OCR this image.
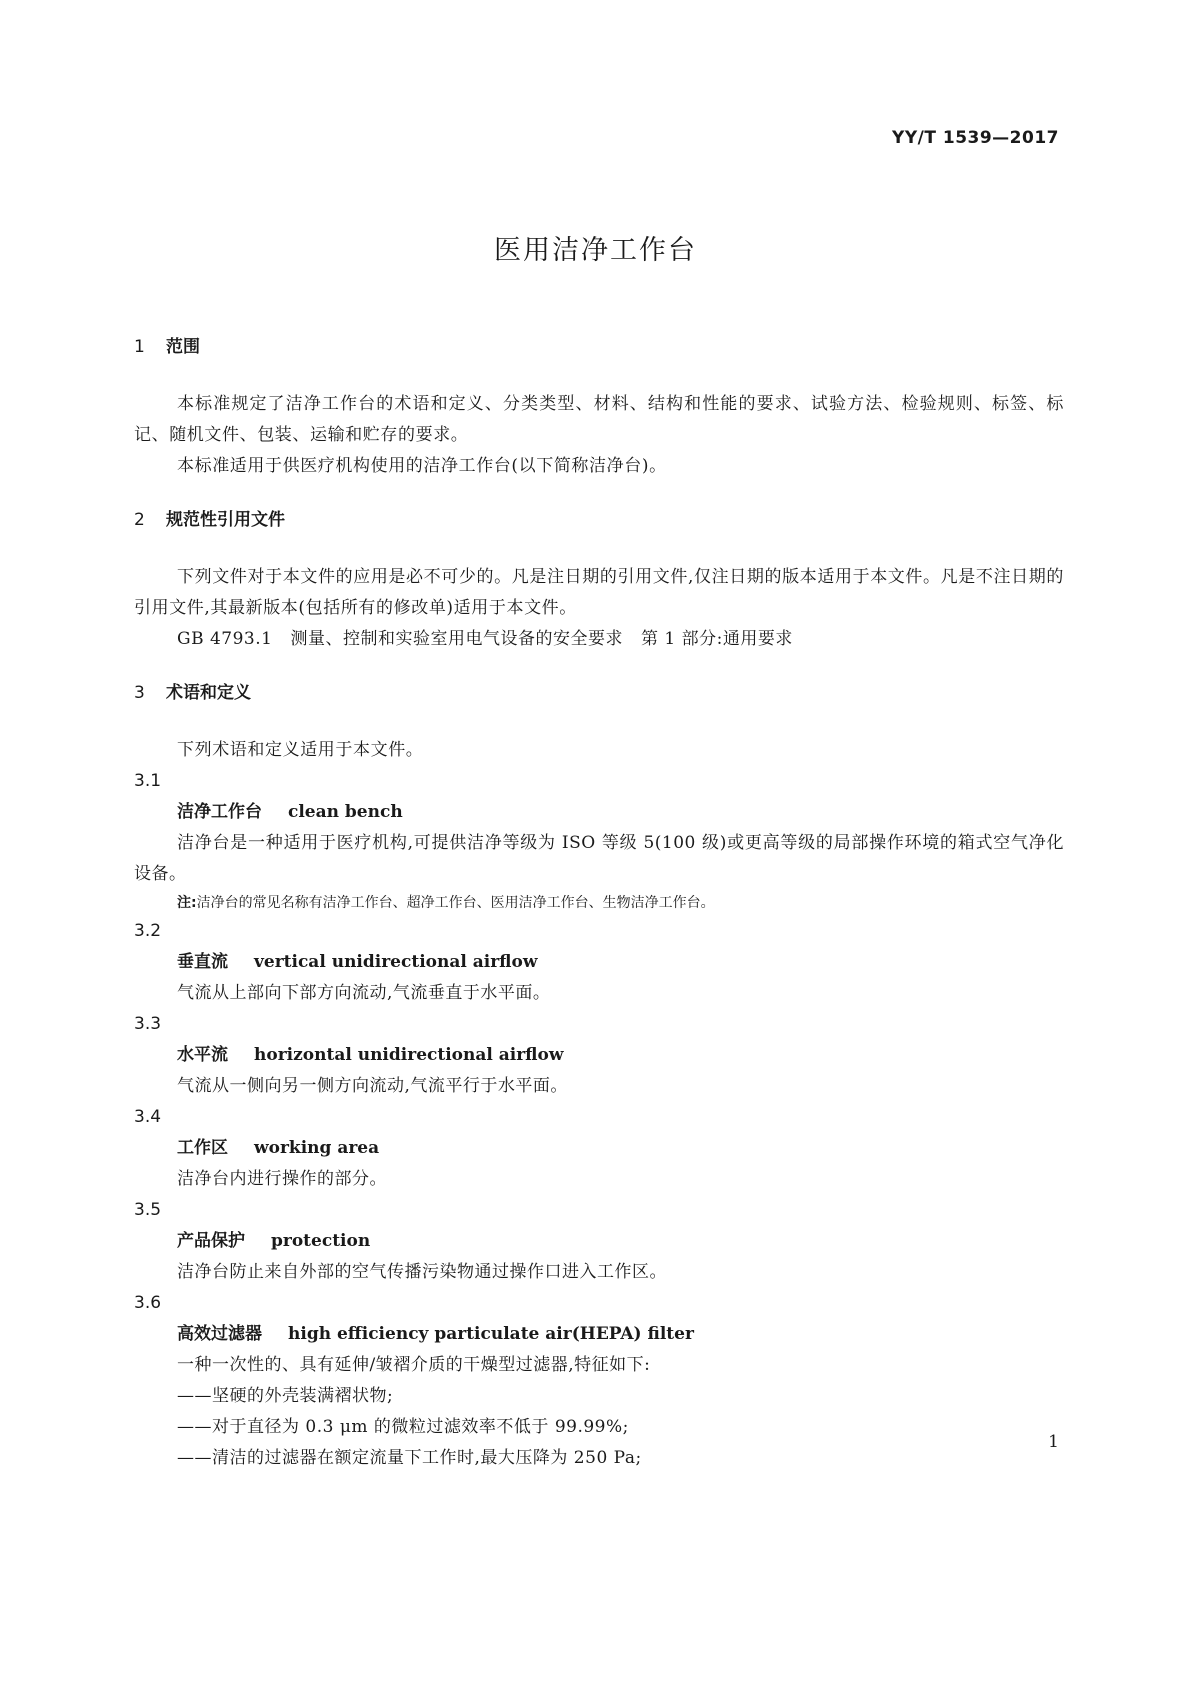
YY/T 1539—2017
医用洁净工作台
1 范围

本标准规定了洁净工作台的术语和定义、分类类型、材料、结构和性能的要求、试验方法、检验规则、标签、标记、随机文件、包装、运输和贮存的要求。

本标准适用于供医疗机构使用的洁净工作台(以下简称洁净台)。

2 规范性引用文件

下列文件对于本文件的应用是必不可少的。凡是注日期的引用文件,仅注日期的版本适用于本文件。凡是不注日期的引用文件,其最新版本(包括所有的修改单)适用于本文件。

GB 4793.1 测量、控制和实验室用电气设备的安全要求 第 1 部分:通用要求

3 术语和定义

下列术语和定义适用于本文件。

3.1

洁净工作台 clean bench

洁净台是一种适用于医疗机构,可提供洁净等级为 ISO 等级 5(100 级)或更高等级的局部操作环境的箱式空气净化设备。

注:洁净台的常见名称有洁净工作台、超净工作台、医用洁净工作台、生物洁净工作台。

3.2

垂直流 vertical unidirectional airflow

气流从上部向下部方向流动,气流垂直于水平面。

3.3

水平流 horizontal unidirectional airflow

气流从一侧向另一侧方向流动,气流平行于水平面。

3.4

工作区 working area

洁净台内进行操作的部分。

3.5

产品保护 protection

洁净台防止来自外部的空气传播污染物通过操作口进入工作区。

3.6

高效过滤器 high efficiency particulate air(HEPA) filter

一种一次性的、具有延伸/皱褶介质的干燥型过滤器,特征如下:

——坚硬的外壳装满褶状物;

——对于直径为 0.3 μm 的微粒过滤效率不低于 99.99%;

——清洁的过滤器在额定流量下工作时,最大压降为 250 Pa;

1
